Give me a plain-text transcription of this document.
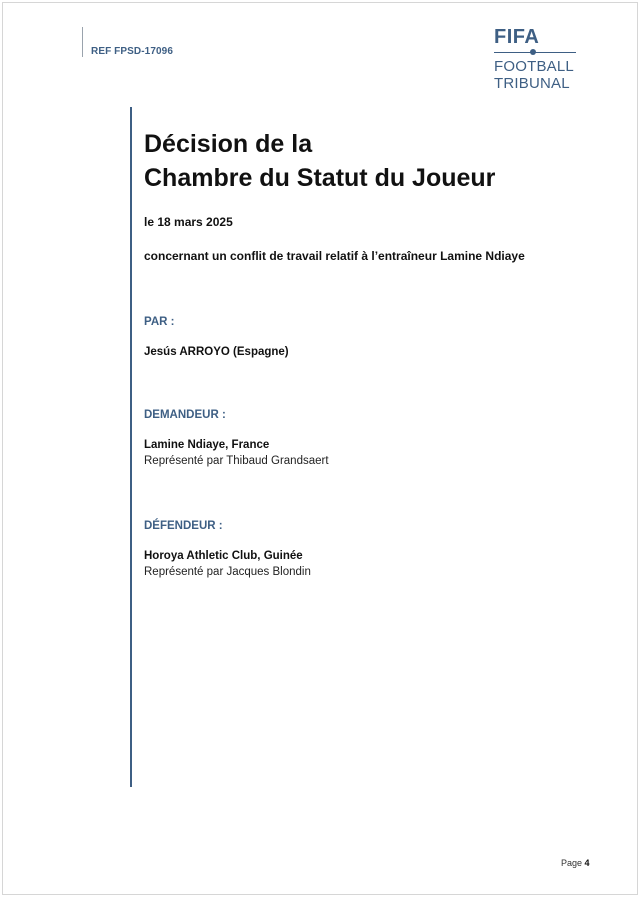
REF FPSD-17096
FIFA
FOOTBALL
TRIBUNAL
Décision de la
Chambre du Statut du Joueur
le 18 mars 2025
concernant un conflit de travail relatif à l’entraîneur Lamine Ndiaye
PAR :
Jesús ARROYO (Espagne)
DEMANDEUR :
Lamine Ndiaye, France
Représenté par Thibaud Grandsaert
DÉFENDEUR :
Horoya Athletic Club, Guinée
Représenté par Jacques Blondin
Page 4
